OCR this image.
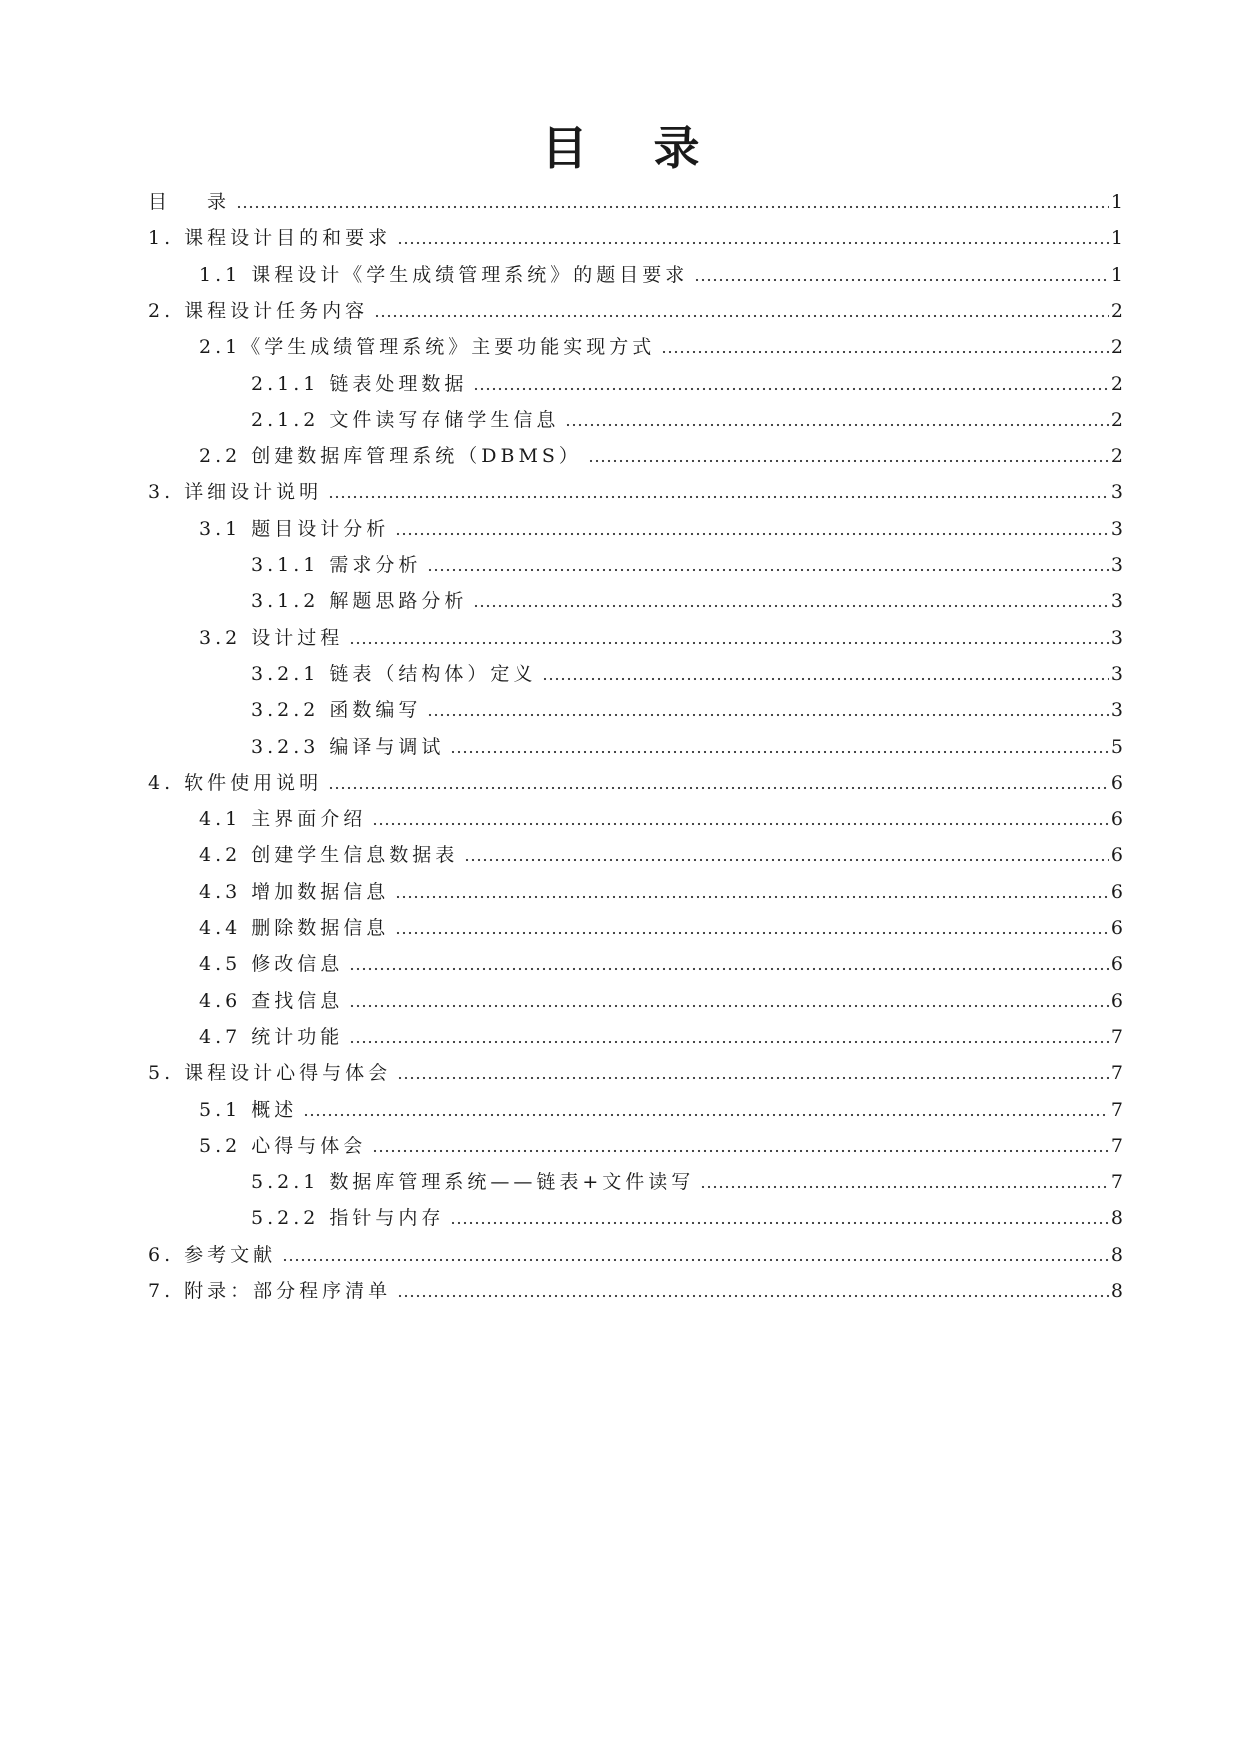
目 录
目 录	1
1. 课程设计目的和要求	1
1.1 课程设计《学生成绩管理系统》的题目要求	1
2. 课程设计任务内容	2
2.1《学生成绩管理系统》主要功能实现方式	2
2.1.1 链表处理数据	2
2.1.2 文件读写存储学生信息	2
2.2 创建数据库管理系统（DBMS）	2
3. 详细设计说明	3
3.1 题目设计分析	3
3.1.1 需求分析	3
3.1.2 解题思路分析	3
3.2 设计过程	3
3.2.1 链表（结构体）定义	3
3.2.2 函数编写	3
3.2.3 编译与调试	5
4. 软件使用说明	6
4.1 主界面介绍	6
4.2 创建学生信息数据表	6
4.3 增加数据信息	6
4.4 删除数据信息	6
4.5 修改信息	6
4.6 查找信息	6
4.7 统计功能	7
5. 课程设计心得与体会	7
5.1 概述	7
5.2 心得与体会	7
5.2.1 数据库管理系统——链表+文件读写	7
5.2.2 指针与内存	8
6. 参考文献	8
7. 附录：部分程序清单	8
